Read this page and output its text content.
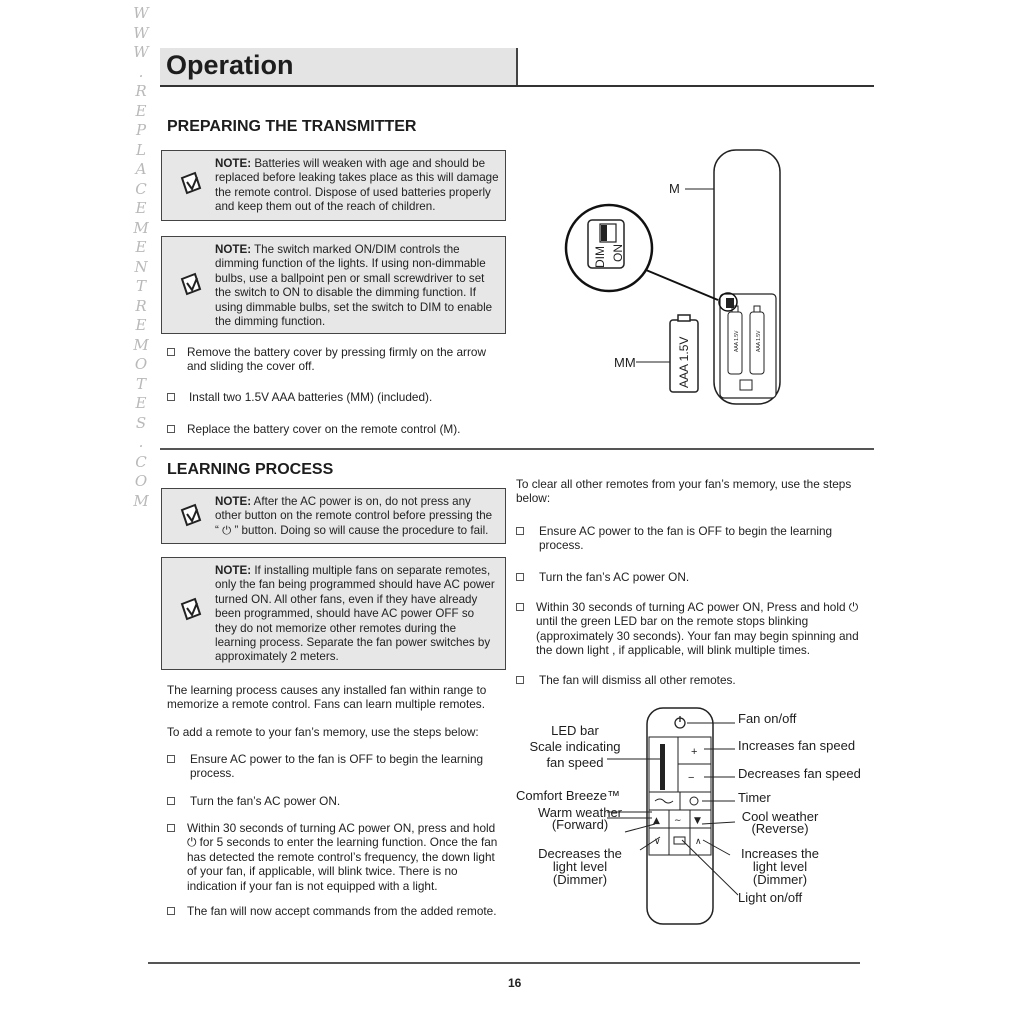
W
W
W
.
R
E
P
L
A
C
E
M
E
N
T
R
E
M
O
T
E
S
.
C
O
M
Operation
PREPARING THE TRANSMITTER
NOTE: Batteries will weaken with age and should be replaced before leaking takes place as this will damage the remote control. Dispose of used batteries properly and keep them out of the reach of children.
NOTE: The switch marked ON/DIM controls the dimming function of the lights. If using non-dimmable bulbs, use a ballpoint pen or small screwdriver to set the switch to ON to disable the dimming function. If using dimmable bulbs, set the switch to DIM to enable the dimming function.
Remove the battery cover by pressing firmly on the arrow and sliding the cover off.
Install two 1.5V AAA batteries (MM) (included).
Replace the battery cover on the remote control (M).
AAA 1.5V	AAA 1.5V
DIM ON
AAA 1.5V
M
MM
LEARNING PROCESS
NOTE: After the AC power is on, do not press any other button on the remote control before pressing the “ ⏻ ” button. Doing so will cause the procedure to fail.
NOTE: If installing multiple fans on separate remotes, only the fan being programmed should have AC power turned ON. All other fans, even if they have already been programmed, should have AC power OFF so they do not memorize other remotes during the learning process. Separate the fan power switches by approximately 2 meters.
The learning process causes any installed fan within range to memorize a remote control. Fans can learn multiple remotes.
To add a remote to your fan’s memory, use the steps below:
Ensure AC power to the fan is OFF to begin the learning process.
Turn the fan’s AC power ON.
Within 30 seconds of turning AC power ON, press and hold ⏻ for 5 seconds to enter the learning function. Once the fan has detected the remote control’s frequency, the down light of your fan, if applicable, will blink twice. There is no indication if your fan is not equipped with a light.
The fan will now accept commands from the added remote.
To clear all other remotes from your fan’s memory, use the steps below:
Ensure AC power to the fan is OFF to begin the learning process.
Turn the fan’s AC power ON.
Within 30 seconds of turning AC power ON, Press and hold ⏻ until the green LED bar on the remote stops blinking (approximately 30 seconds). Your fan may begin spinning and the down light , if applicable, will blink multiple times.
The fan will dismiss all other remotes.
+
−
▲ ∼ ▼
∨	∧
LED bar
Scale indicating
fan speed
Comfort Breeze™
Warm weather
(Forward)
Decreases the
light level
(Dimmer)
Fan on/off
Increases fan speed
Decreases fan speed
Timer
Cool weather
(Reverse)
Increases the
light level
(Dimmer)
Light on/off
16
